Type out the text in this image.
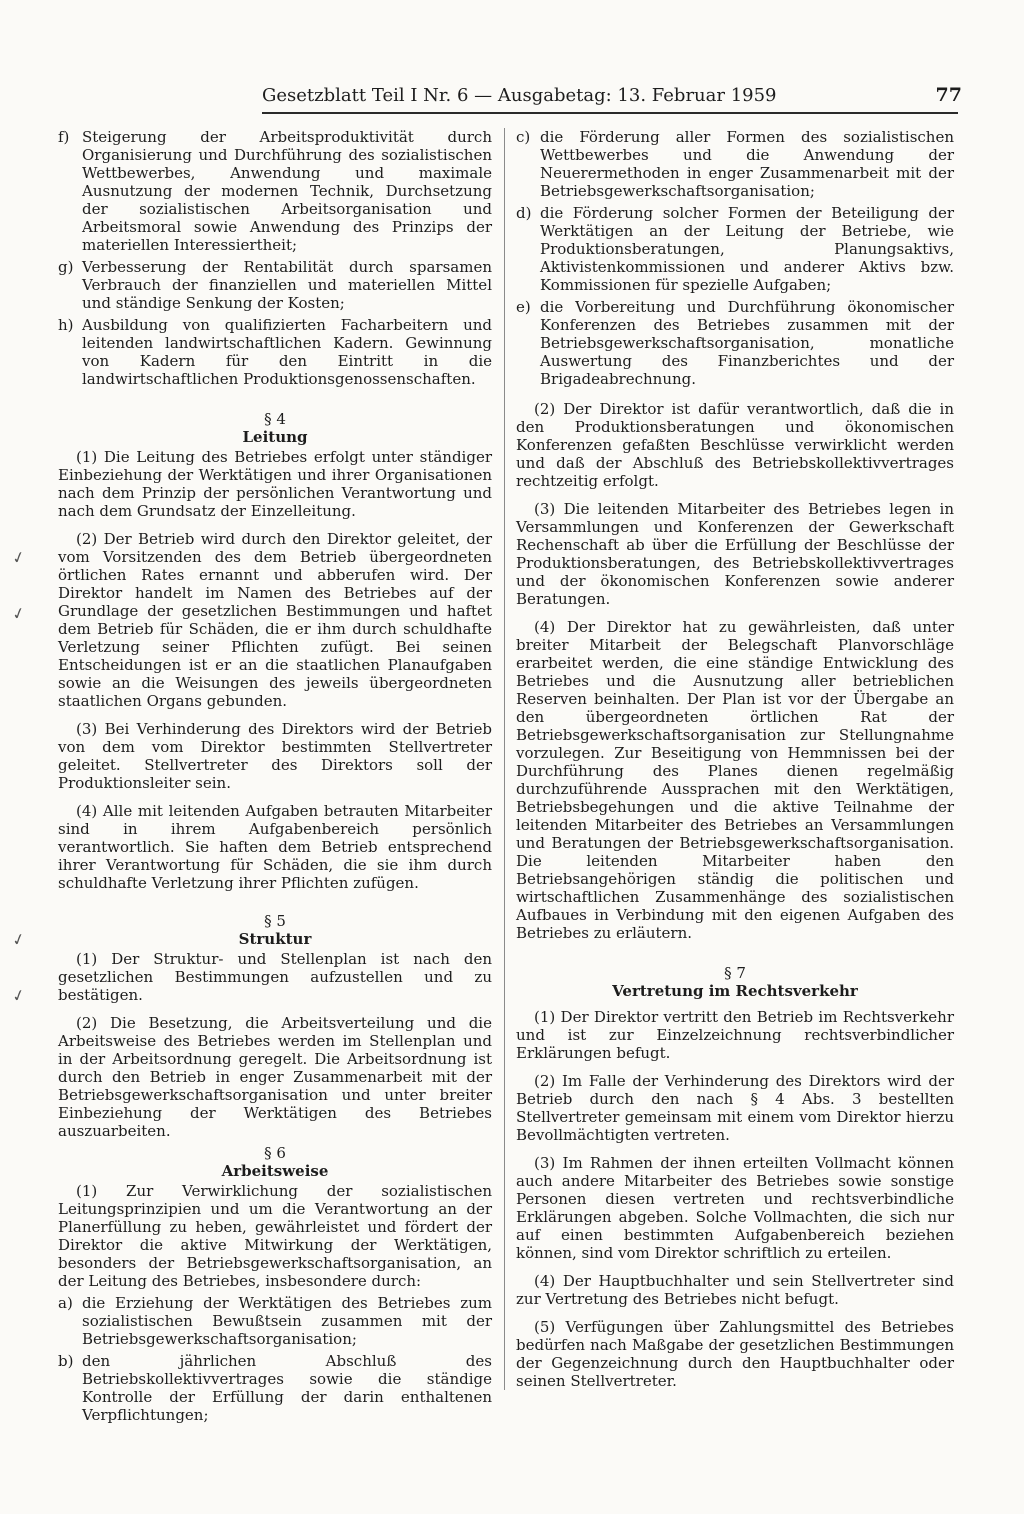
Gesetzblatt Teil I Nr. 6 — Ausgabetag: 13. Februar 1959	77
✓
✓
✓
✓
f) Steigerung der Arbeitsproduktivität durch Organisierung und Durchführung des sozialistischen Wettbewerbes, Anwendung und maximale Ausnutzung der modernen Technik, Durchsetzung der sozialistischen Arbeitsorganisation und Arbeitsmoral sowie Anwendung des Prinzips der materiellen Interessiertheit;
g) Verbesserung der Rentabilität durch sparsamen Verbrauch der finanziellen und materiellen Mittel und ständige Senkung der Kosten;
h) Ausbildung von qualifizierten Facharbeitern und leitenden landwirtschaftlichen Kadern. Gewinnung von Kadern für den Eintritt in die landwirtschaftlichen Produktionsgenossenschaften.
§ 4
Leitung

(1) Die Leitung des Betriebes erfolgt unter ständiger Einbeziehung der Werktätigen und ihrer Organisationen nach dem Prinzip der persönlichen Verantwortung und nach dem Grundsatz der Einzelleitung.

(2) Der Betrieb wird durch den Direktor geleitet, der vom Vorsitzenden des dem Betrieb übergeordneten örtlichen Rates ernannt und abberufen wird. Der Direktor handelt im Namen des Betriebes auf der Grundlage der gesetzlichen Bestimmungen und haftet dem Betrieb für Schäden, die er ihm durch schuldhafte Verletzung seiner Pflichten zufügt. Bei seinen Entscheidungen ist er an die staatlichen Planaufgaben sowie an die Weisungen des jeweils übergeordneten staatlichen Organs gebunden.

(3) Bei Verhinderung des Direktors wird der Betrieb von dem vom Direktor bestimmten Stellvertreter geleitet. Stellvertreter des Direktors soll der Produktionsleiter sein.

(4) Alle mit leitenden Aufgaben betrauten Mitarbeiter sind in ihrem Aufgabenbereich persönlich verantwortlich. Sie haften dem Betrieb entsprechend ihrer Verantwortung für Schäden, die sie ihm durch schuldhafte Verletzung ihrer Pflichten zufügen.

§ 5
Struktur

(1) Der Struktur- und Stellenplan ist nach den gesetzlichen Bestimmungen aufzustellen und zu bestätigen.

(2) Die Besetzung, die Arbeitsverteilung und die Arbeitsweise des Betriebes werden im Stellenplan und in der Arbeitsordnung geregelt. Die Arbeitsordnung ist durch den Betrieb in enger Zusammenarbeit mit der Betriebsgewerkschaftsorganisation und unter breiter Einbeziehung der Werktätigen des Betriebes auszuarbeiten.

§ 6
Arbeitsweise

(1) Zur Verwirklichung der sozialistischen Leitungsprinzipien und um die Verantwortung an der Planerfüllung zu heben, gewährleistet und fördert der Direktor die aktive Mitwirkung der Werktätigen, besonders der Betriebsgewerkschaftsorganisation, an der Leitung des Betriebes, insbesondere durch:

a) die Erziehung der Werktätigen des Betriebes zum sozialistischen Bewußtsein zusammen mit der Betriebsgewerkschaftsorganisation;
b) den jährlichen Abschluß des Betriebskollektivvertrages sowie die ständige Kontrolle der Erfüllung der darin enthaltenen Verpflichtungen;
c) die Förderung aller Formen des sozialistischen Wettbewerbes und die Anwendung der Neuerermethoden in enger Zusammenarbeit mit der Betriebsgewerkschaftsorganisation;
d) die Förderung solcher Formen der Beteiligung der Werktätigen an der Leitung der Betriebe, wie Produktionsberatungen, Planungsaktivs, Aktivistenkommissionen und anderer Aktivs bzw. Kommissionen für spezielle Aufgaben;
e) die Vorbereitung und Durchführung ökonomischer Konferenzen des Betriebes zusammen mit der Betriebsgewerkschaftsorganisation, monatliche Auswertung des Finanzberichtes und der Brigadeabrechnung.

(2) Der Direktor ist dafür verantwortlich, daß die in den Produktionsberatungen und ökonomischen Konferenzen gefaßten Beschlüsse verwirklicht werden und daß der Abschluß des Betriebskollektivvertrages rechtzeitig erfolgt.

(3) Die leitenden Mitarbeiter des Betriebes legen in Versammlungen und Konferenzen der Gewerkschaft Rechenschaft ab über die Erfüllung der Beschlüsse der Produktionsberatungen, des Betriebskollektivvertrages und der ökonomischen Konferenzen sowie anderer Beratungen.

(4) Der Direktor hat zu gewährleisten, daß unter breiter Mitarbeit der Belegschaft Planvorschläge erarbeitet werden, die eine ständige Entwicklung des Betriebes und die Ausnutzung aller betrieblichen Reserven beinhalten. Der Plan ist vor der Übergabe an den übergeordneten örtlichen Rat der Betriebsgewerkschaftsorganisation zur Stellungnahme vorzulegen. Zur Beseitigung von Hemmnissen bei der Durchführung des Planes dienen regelmäßig durchzuführende Aussprachen mit den Werktätigen, Betriebsbegehungen und die aktive Teilnahme der leitenden Mitarbeiter des Betriebes an Versammlungen und Beratungen der Betriebsgewerkschaftsorganisation. Die leitenden Mitarbeiter haben den Betriebsangehörigen ständig die politischen und wirtschaftlichen Zusammenhänge des sozialistischen Aufbaues in Verbindung mit den eigenen Aufgaben des Betriebes zu erläutern.

§ 7
Vertretung im Rechtsverkehr

(1) Der Direktor vertritt den Betrieb im Rechtsverkehr und ist zur Einzelzeichnung rechtsverbindlicher Erklärungen befugt.

(2) Im Falle der Verhinderung des Direktors wird der Betrieb durch den nach § 4 Abs. 3 bestellten Stellvertreter gemeinsam mit einem vom Direktor hierzu Bevollmächtigten vertreten.

(3) Im Rahmen der ihnen erteilten Vollmacht können auch andere Mitarbeiter des Betriebes sowie sonstige Personen diesen vertreten und rechtsverbindliche Erklärungen abgeben. Solche Vollmachten, die sich nur auf einen bestimmten Aufgabenbereich beziehen können, sind vom Direktor schriftlich zu erteilen.

(4) Der Hauptbuchhalter und sein Stellvertreter sind zur Vertretung des Betriebes nicht befugt.

(5) Verfügungen über Zahlungsmittel des Betriebes bedürfen nach Maßgabe der gesetzlichen Bestimmungen der Gegenzeichnung durch den Hauptbuchhalter oder seinen Stellvertreter.
